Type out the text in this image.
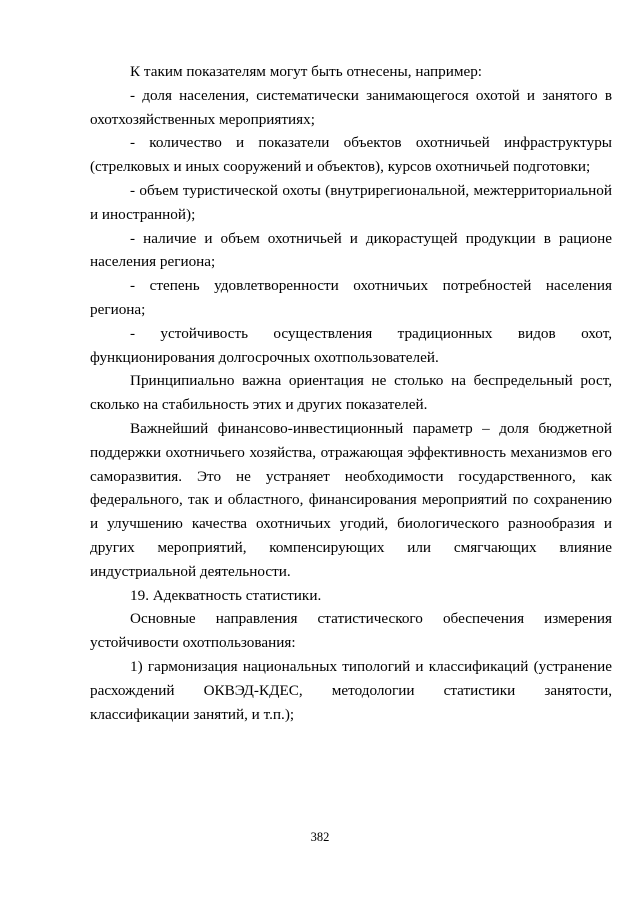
К таким показателям могут быть отнесены, например:

- доля населения, систематически занимающегося охотой и занятого в охотхозяйственных мероприятиях;

- количество и показатели объектов охотничьей инфраструктуры (стрелковых и иных сооружений и объектов), курсов охотничьей подготовки;

- объем туристической охоты (внутрирегиональной, межтерриториальной и иностранной);

- наличие и объем охотничьей и дикорастущей продукции в рационе населения региона;

- степень удовлетворенности охотничьих потребностей населения региона;

- устойчивость осуществления традиционных видов охот, функционирования долгосрочных охотпользователей.

Принципиально важна ориентация не столько на беспредельный рост, сколько на стабильность этих и других показателей.

Важнейший финансово-инвестиционный параметр – доля бюджетной поддержки охотничьего хозяйства, отражающая эффективность механизмов его саморазвития. Это не устраняет необходимости государственного, как федерального, так и областного, финансирования мероприятий по сохранению и улучшению качества охотничьих угодий, биологического разнообразия и других мероприятий, компенсирующих или смягчающих влияние индустриальной деятельности.

19. Адекватность статистики.

Основные направления статистического обеспечения измерения устойчивости охотпользования:

1) гармонизация национальных типологий и классификаций (устранение расхождений ОКВЭД-КДЕС, методологии статистики занятости, классификации занятий, и т.п.);

382
